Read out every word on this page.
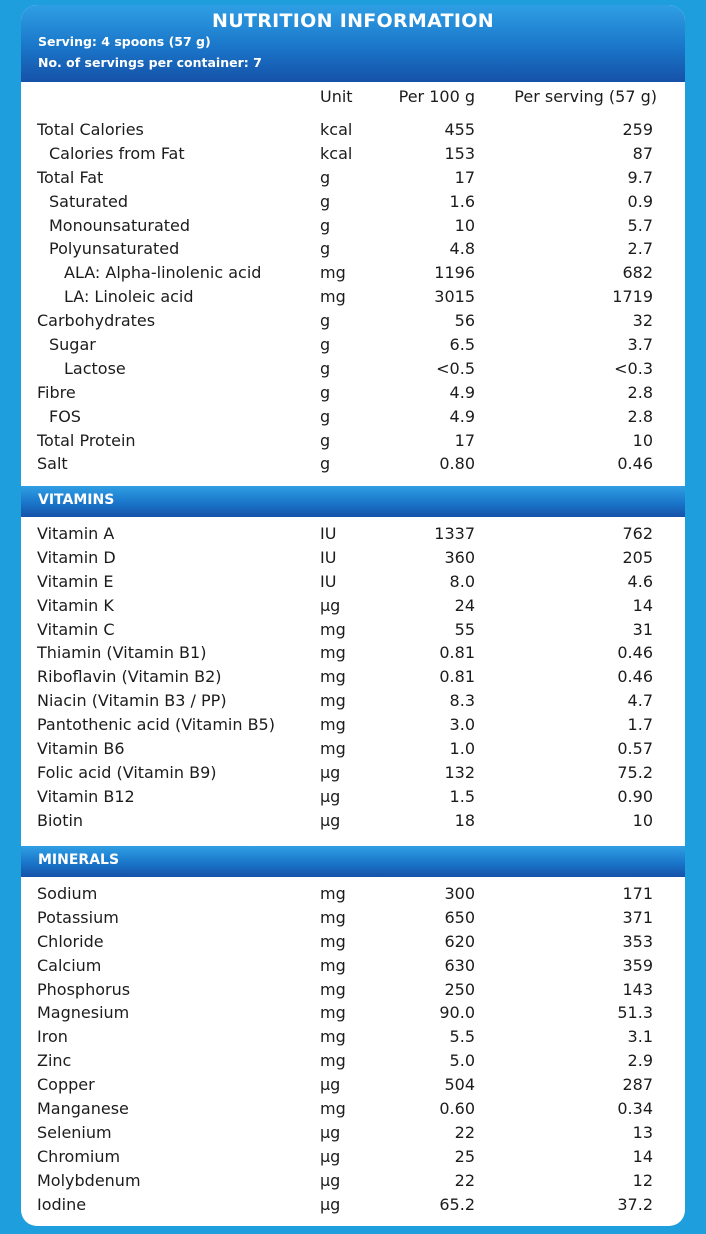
NUTRITION INFORMATION
Serving: 4 spoons (57 g)
No. of servings per container: 7
Unit	Per 100 g Per serving (57 g)
Total Calories	kcal	455	259
Calories from Fat	kcal	153	87
Total Fat	g	17	9.7
Saturated	g	1.6	0.9
Monounsaturated	g	10	5.7
Polyunsaturated	g	4.8	2.7
ALA: Alpha-linolenic acid	mg	1196	682
LA: Linoleic acid	mg	3015	1719
Carbohydrates	g	56	32
Sugar	g	6.5	3.7
Lactose	g	<0.5	<0.3
Fibre	g	4.9	2.8
FOS	g	4.9	2.8
Total Protein	g	17	10
Salt	g	0.80	0.46
VITAMINS
Vitamin A	IU	1337	762
Vitamin D	IU	360	205
Vitamin E	IU	8.0	4.6
Vitamin K	µg	24	14
Vitamin C	mg	55	31
Thiamin (Vitamin B1)	mg	0.81	0.46
Riboflavin (Vitamin B2)	mg	0.81	0.46
Niacin (Vitamin B3 / PP)	mg	8.3	4.7
Pantothenic acid (Vitamin B5)	mg	3.0	1.7
Vitamin B6	mg	1.0	0.57
Folic acid (Vitamin B9)	µg	132	75.2
Vitamin B12	µg	1.5	0.90
Biotin	µg	18	10
MINERALS
Sodium	mg	300	171
Potassium	mg	650	371
Chloride	mg	620	353
Calcium	mg	630	359
Phosphorus	mg	250	143
Magnesium	mg	90.0	51.3
Iron	mg	5.5	3.1
Zinc	mg	5.0	2.9
Copper	µg	504	287
Manganese	mg	0.60	0.34
Selenium	µg	22	13
Chromium	µg	25	14
Molybdenum	µg	22	12
Iodine	µg	65.2	37.2
